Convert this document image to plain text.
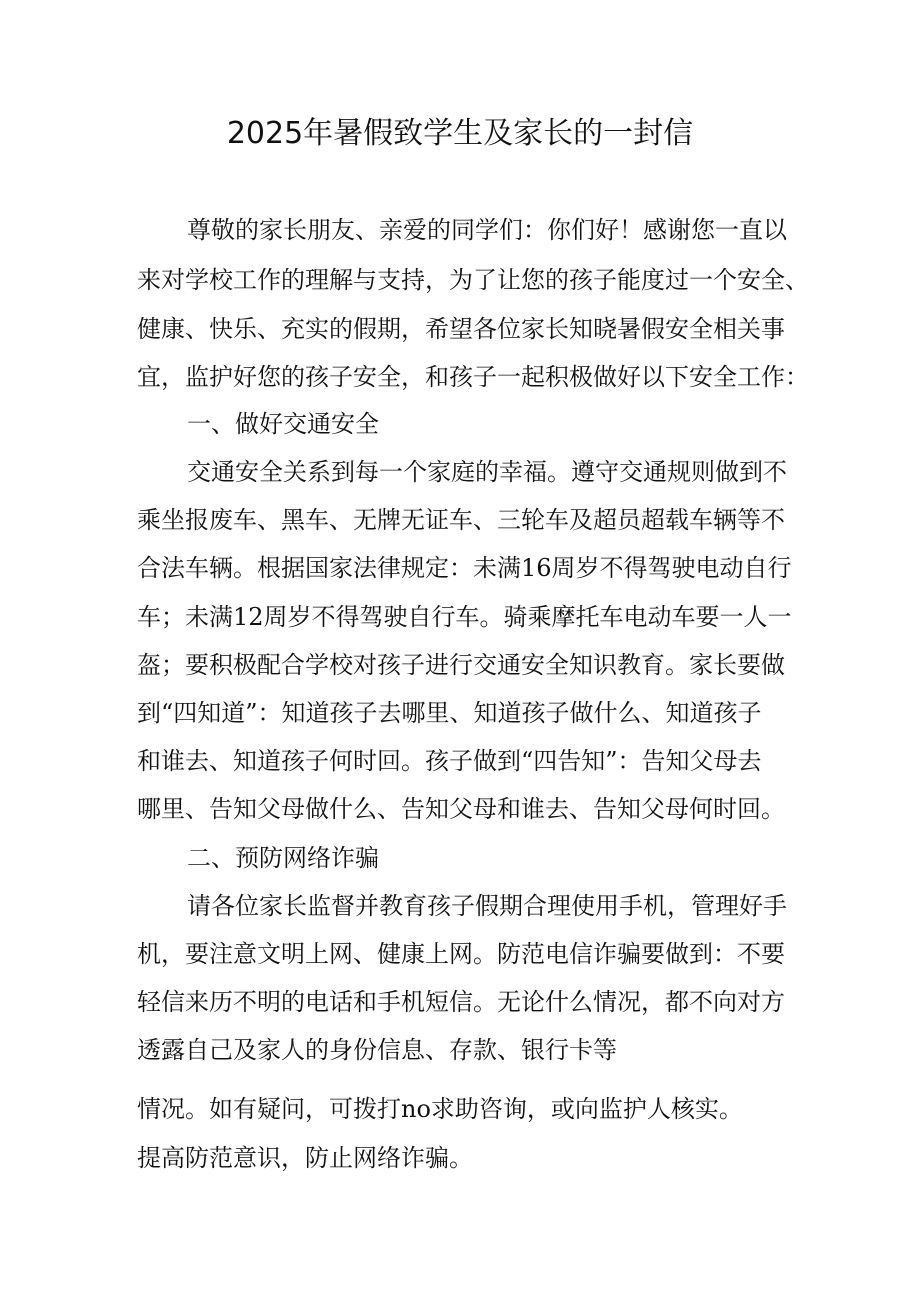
2025年暑假致学生及家长的一封信

尊敬的家长朋友、亲爱的同学们：你们好！感谢您一直以

来对学校工作的理解与支持，为了让您的孩子能度过一个安全、

健康、快乐、充实的假期，希望各位家长知晓暑假安全相关事

宜，监护好您的孩子安全，和孩子一起积极做好以下安全工作：

一、做好交通安全

交通安全关系到每一个家庭的幸福。遵守交通规则做到不

乘坐报废车、黑车、无牌无证车、三轮车及超员超载车辆等不

合法车辆。根据国家法律规定：未满16周岁不得驾驶电动自行

车；未满12周岁不得驾驶自行车。骑乘摩托车电动车要一人一

盔；要积极配合学校对孩子进行交通安全知识教育。家长要做

到“四知道”：知道孩子去哪里、知道孩子做什么、知道孩子

和谁去、知道孩子何时回。孩子做到“四告知”：告知父母去

哪里、告知父母做什么、告知父母和谁去、告知父母何时回。

二、预防网络诈骗

请各位家长监督并教育孩子假期合理使用手机，管理好手

机，要注意文明上网、健康上网。防范电信诈骗要做到：不要

轻信来历不明的电话和手机短信。无论什么情况，都不向对方

透露自己及家人的身份信息、存款、银行卡等

情况。如有疑问，可拨打no求助咨询，或向监护人核实。

提高防范意识，防止网络诈骗。
